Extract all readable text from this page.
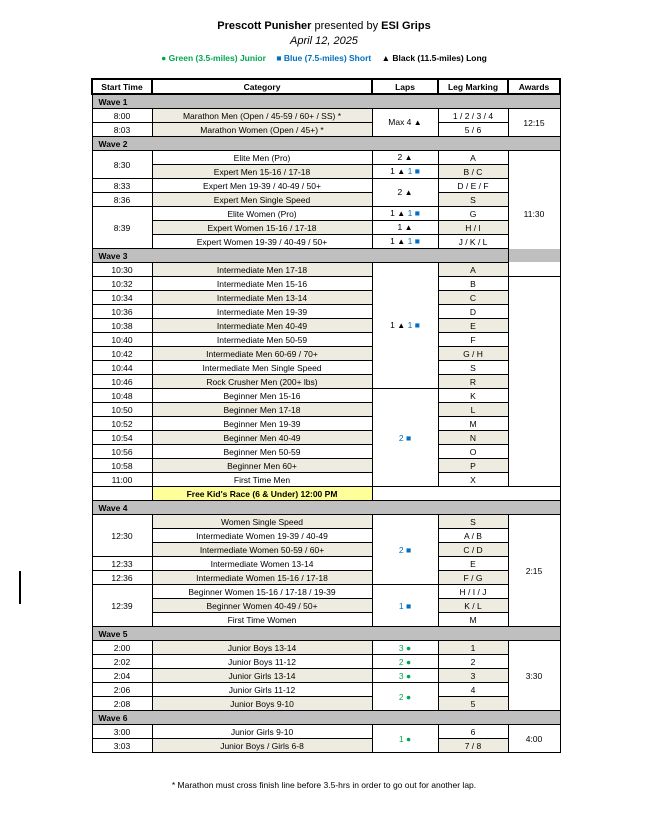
Prescott Punisher presented by ESI Grips
April 12, 2025
● Green (3.5-miles) Junior ■ Blue (7.5-miles) Short ▲ Black (11.5-miles) Long
Start Time	Category	Laps	Leg Marking	Awards	
Wave 1					
8:00	Marathon Men (Open / 45-59 / 60+ / SS) *	Max 4 ▲	1 / 2 / 3 / 4	12:15	
8:03	Marathon Women (Open / 45+) *		5 / 6		
Wave 2					
8:30	Elite Men (Pro)	2 ▲	A	11:30	
	Expert Men 15-16 / 17-18	1 ▲ 1 ■	B / C		
8:33	Expert Men 19-39 / 40-49 / 50+	2 ▲	D / E / F		
8:36	Expert Men Single Speed		S		
8:39	Elite Women (Pro)	1 ▲ 1 ■	G		
	Expert Women 15-16 / 17-18	1 ▲	H / I		
	Expert Women 19-39 / 40-49 / 50+	1 ▲ 1 ■	J / K / L		
Wave 3					
10:30	Intermediate Men 17-18	1 ▲ 1 ■	A	
10:32	Intermediate Men 15-16		B		
10:34	Intermediate Men 13-14		C		
10:36	Intermediate Men 19-39		D		
10:38	Intermediate Men 40-49		E		
10:40	Intermediate Men 50-59		F		
10:42	Intermediate Men 60-69 / 70+		G / H		
10:44	Intermediate Men Single Speed		S		
10:46	Rock Crusher Men (200+ lbs)		R		
10:48	Beginner Men 15-16	2 ■	K		
10:50	Beginner Men 17-18		L		
10:52	Beginner Men 19-39		M		
10:54	Beginner Men 40-49		N		
10:56	Beginner Men 50-59		O		
10:58	Beginner Men 60+		P		
11:00	First Time Men		X		
	Free Kid's Race (6 & Under) 12:00 PM				
Wave 4					
12:30	Women Single Speed	2 ■	S	2:15	
	Intermediate Women 19-39 / 40-49		A / B		
	Intermediate Women 50-59 / 60+		C / D		
12:33	Intermediate Women 13-14		E		
12:36	Intermediate Women 15-16 / 17-18		F / G		
12:39	Beginner Women 15-16 / 17-18 / 19-39	1 ■	H / I / J		
	Beginner Women 40-49 / 50+		K / L		
	First Time Women		M		
Wave 5					
2:00	Junior Boys 13-14	3 ●	1	3:30	
2:02	Junior Boys 11-12	2 ●	2		
2:04	Junior Girls 13-14	3 ●	3		
2:06	Junior Girls 11-12	2 ●	4		
2:08	Junior Boys 9-10		5		
Wave 6					
3:00	Junior Girls 9-10	1 ●	6	4:00	
3:03	Junior Boys / Girls 6-8		7 / 8		
* Marathon must cross finish line before 3.5-hrs in order to go out for another lap.
